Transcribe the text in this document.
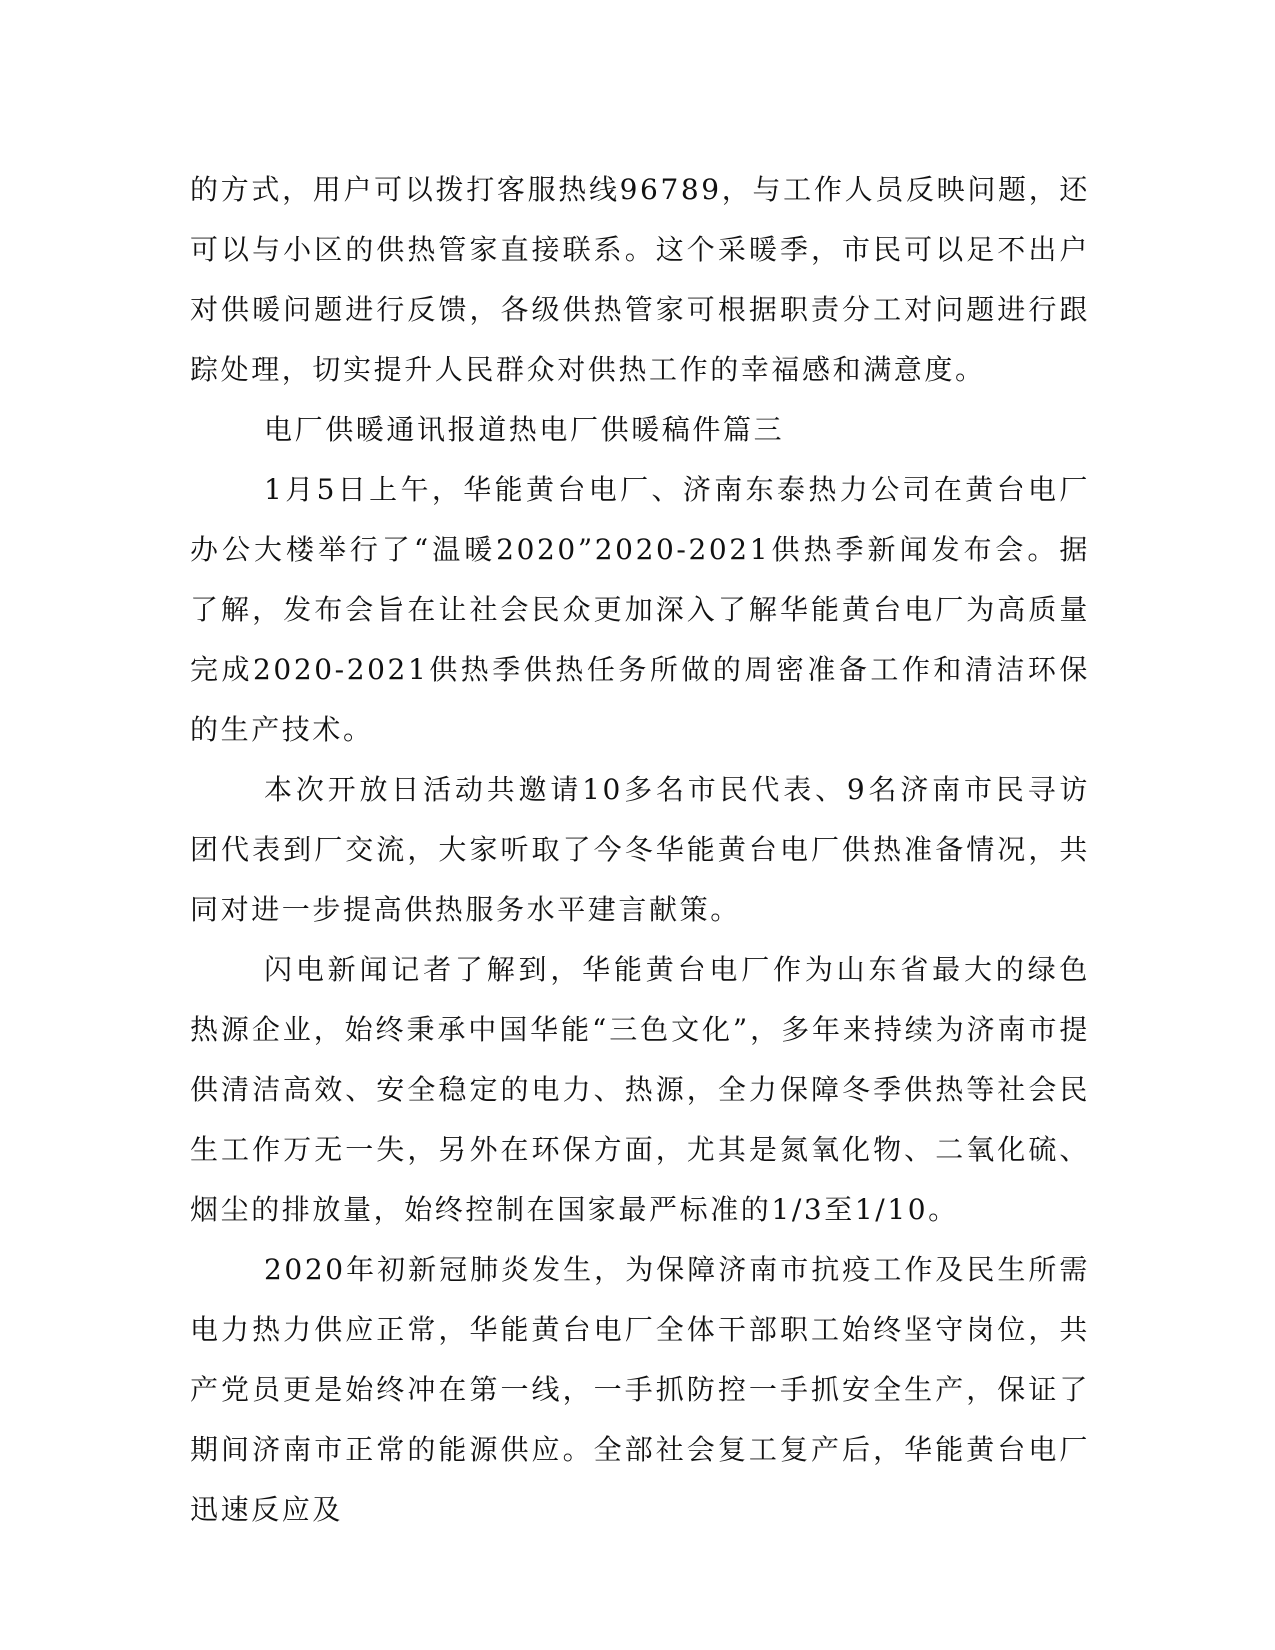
的方式，用户可以拨打客服热线96789，与工作人员反映问题，还可以与小区的供热管家直接联系。这个采暖季，市民可以足不出户对供暖问题进行反馈，各级供热管家可根据职责分工对问题进行跟踪处理，切实提升人民群众对供热工作的幸福感和满意度。

电厂供暖通讯报道热电厂供暖稿件篇三

1月5日上午，华能黄台电厂、济南东泰热力公司在黄台电厂办公大楼举行了“温暖2020”2020-2021供热季新闻发布会。据了解，发布会旨在让社会民众更加深入了解华能黄台电厂为高质量完成2020-2021供热季供热任务所做的周密准备工作和清洁环保的生产技术。

本次开放日活动共邀请10多名市民代表、9名济南市民寻访团代表到厂交流，大家听取了今冬华能黄台电厂供热准备情况，共同对进一步提高供热服务水平建言献策。

闪电新闻记者了解到，华能黄台电厂作为山东省最大的绿色热源企业，始终秉承中国华能“三色文化”，多年来持续为济南市提供清洁高效、安全稳定的电力、热源，全力保障冬季供热等社会民生工作万无一失，另外在环保方面，尤其是氮氧化物、二氧化硫、烟尘的排放量，始终控制在国家最严标准的1/3至1/10。

2020年初新冠肺炎发生，为保障济南市抗疫工作及民生所需电力热力供应正常，华能黄台电厂全体干部职工始终坚守岗位，共产党员更是始终冲在第一线，一手抓防控一手抓安全生产，保证了期间济南市正常的能源供应。全部社会复工复产后，华能黄台电厂迅速反应及
